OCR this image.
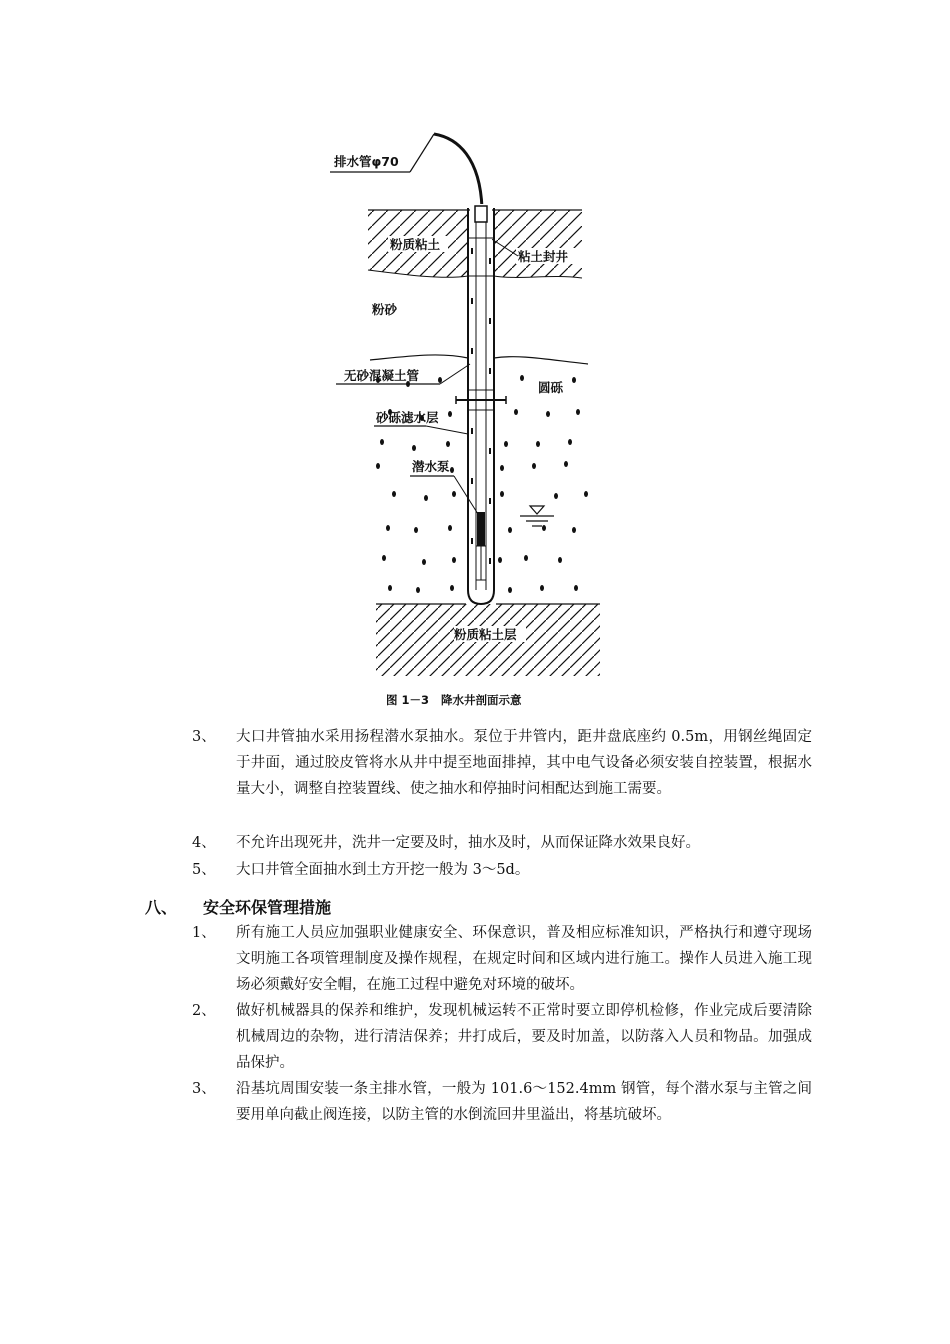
排水管φ70
粉质粘土
粘土封井
粉砂
圆砾
粉质粘土层
无砂混凝土管
砂砾滤水层
潜水泵
图 1－3   降水井剖面示意
3、 大口井管抽水采用扬程潜水泵抽水。泵位于井管内，距井盘底座约 0.5m，用钢丝绳固定于井面，通过胶皮管将水从井中提至地面排掉，其中电气设备必须安装自控装置，根据水量大小，调整自控装置线、使之抽水和停抽时问相配达到施工需要。
4、 不允许出现死井，洗井一定要及时，抽水及时，从而保证降水效果良好。
5、 大口井管全面抽水到土方开挖一般为 3～5d。
八、 安全环保管理措施
1、 所有施工人员应加强职业健康安全、环保意识，普及相应标准知识，严格执行和遵守现场文明施工各项管理制度及操作规程，在规定时间和区域内进行施工。操作人员进入施工现场必须戴好安全帽，在施工过程中避免对环境的破坏。
2、 做好机械器具的保养和维护，发现机械运转不正常时要立即停机检修，作业完成后要清除机械周边的杂物，进行清洁保养；井打成后，要及时加盖，以防落入人员和物品。加强成品保护。
3、 沿基坑周围安装一条主排水管，一般为 101.6～152.4mm 钢管，每个潜水泵与主管之间要用单向截止阀连接，以防主管的水倒流回井里溢出，将基坑破坏。
